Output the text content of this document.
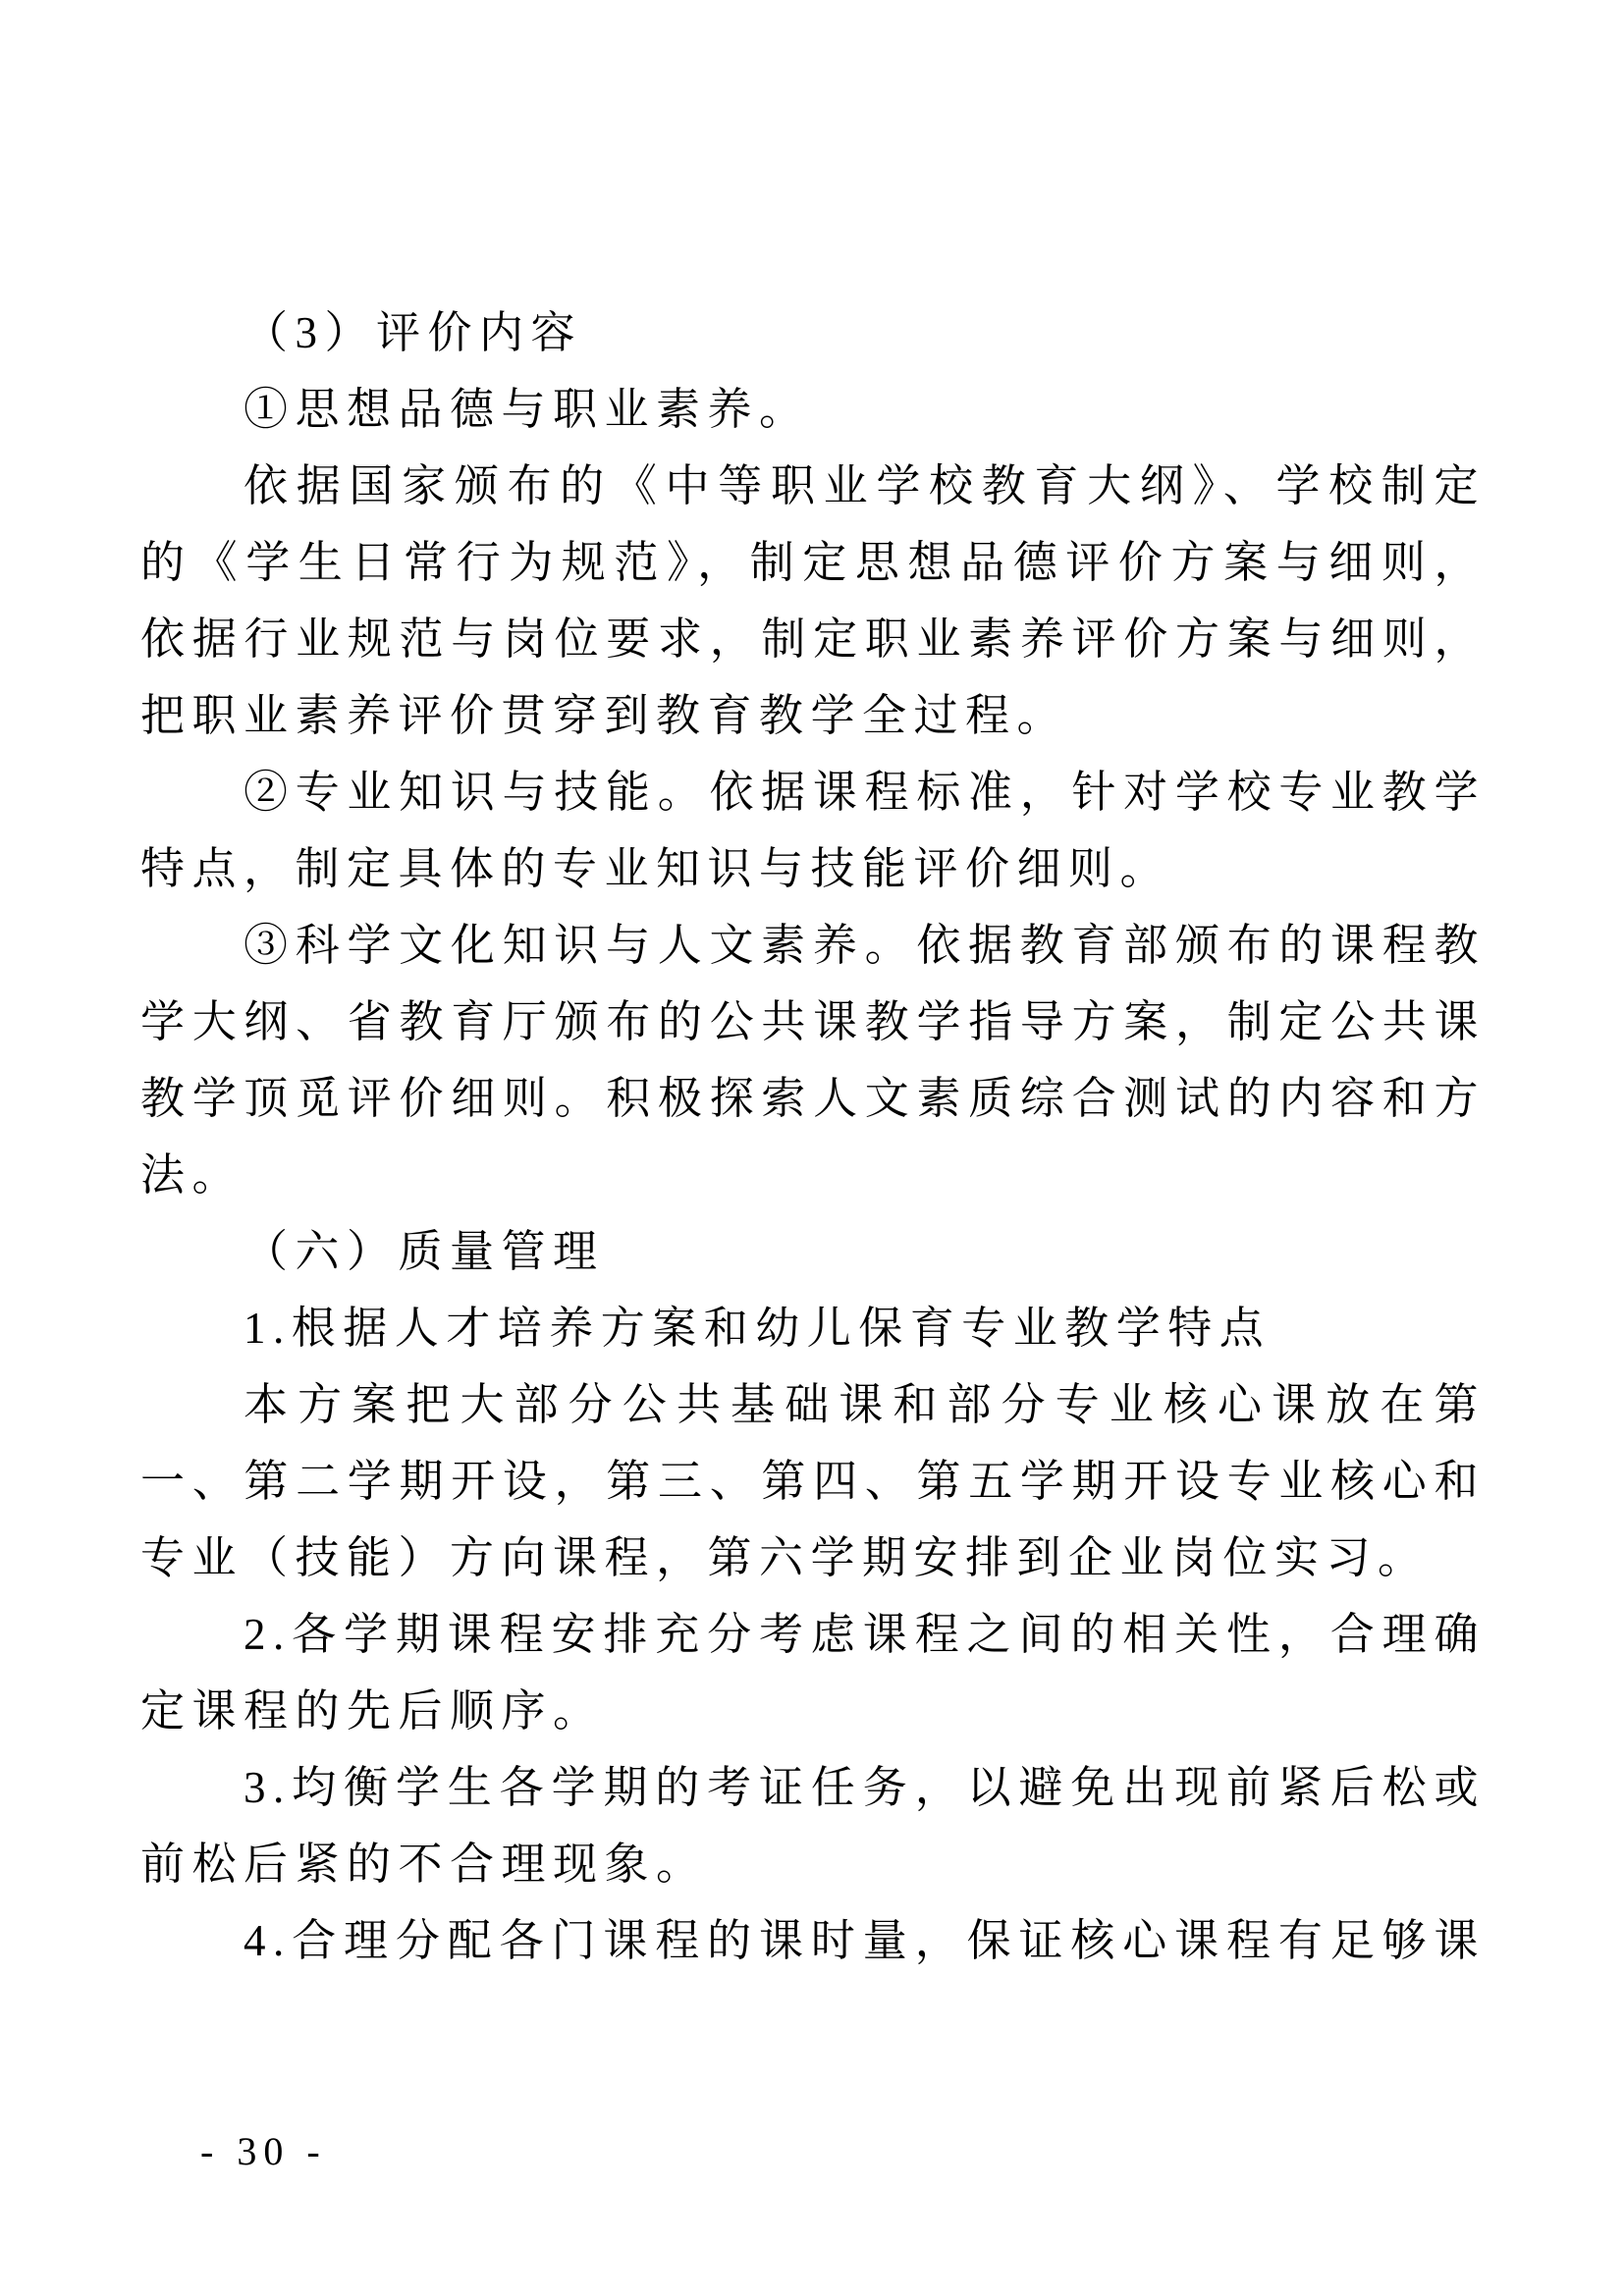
（3）评价内容
①思想品德与职业素养。
依据国家颁布的《中等职业学校教育大纲》、学校制定
的《学生日常行为规范》，制定思想品德评价方案与细则，
依据行业规范与岗位要求，制定职业素养评价方案与细则，
把职业素养评价贯穿到教育教学全过程。
②专业知识与技能。依据课程标准，针对学校专业教学
特点，制定具体的专业知识与技能评价细则。
③科学文化知识与人文素养。依据教育部颁布的课程教
学大纲、省教育厅颁布的公共课教学指导方案，制定公共课
教学顶觅评价细则。积极探索人文素质综合测试的内容和方
法。
（六）质量管理
1.根据人才培养方案和幼儿保育专业教学特点
本方案把大部分公共基础课和部分专业核心课放在第
一、第二学期开设，第三、第四、第五学期开设专业核心和
专业（技能）方向课程，第六学期安排到企业岗位实习。
2.各学期课程安排充分考虑课程之间的相关性，合理确
定课程的先后顺序。
3.均衡学生各学期的考证任务，以避免出现前紧后松或
前松后紧的不合理现象。
4.合理分配各门课程的课时量，保证核心课程有足够课
- 30 -
